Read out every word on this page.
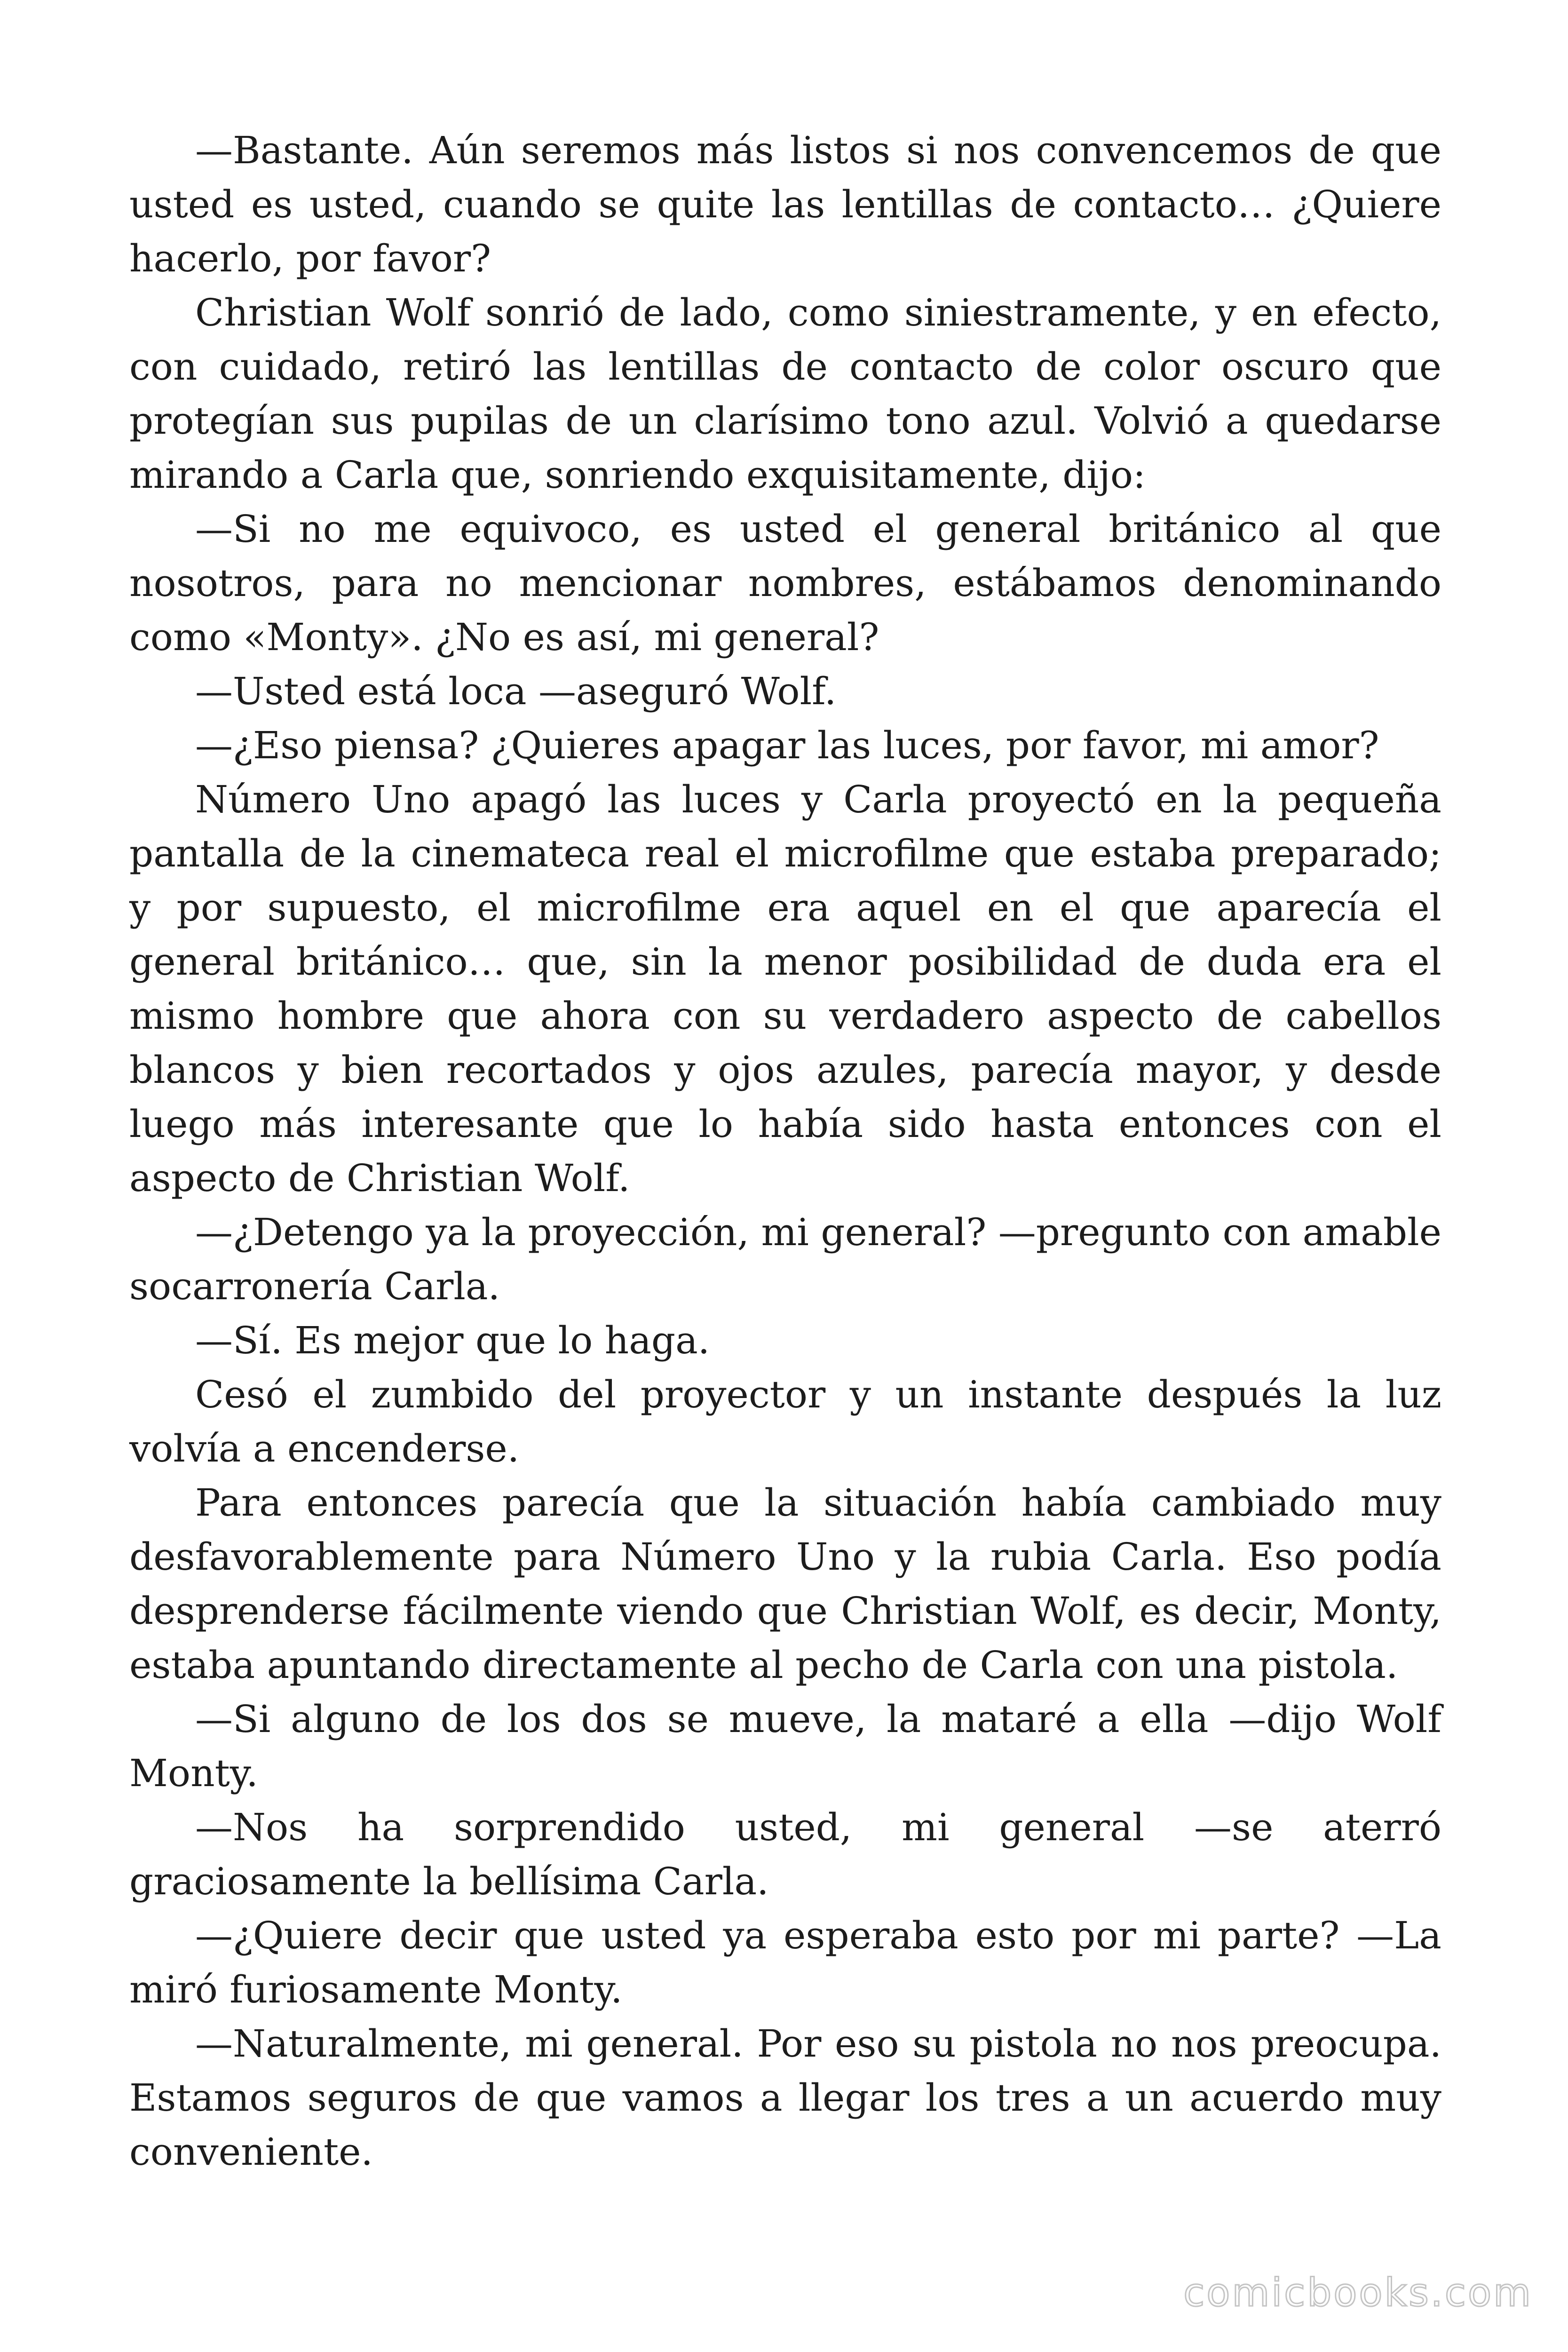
—Bastante. Aún seremos más listos si nos convencemos de que usted es usted, cuando se quite las lentillas de contacto… ¿Quiere hacerlo, por favor?

Christian Wolf sonrió de lado, como siniestramente, y en efecto, con cuidado, retiró las lentillas de contacto de color oscuro que protegían sus pupilas de un clarísimo tono azul. Volvió a quedarse mirando a Carla que, sonriendo exquisitamente, dijo:

—Si no me equivoco, es usted el general británico al que nosotros, para no mencionar nombres, estábamos denominando como «Monty». ¿No es así, mi general?

—Usted está loca —aseguró Wolf.

—¿Eso piensa? ¿Quieres apagar las luces, por favor, mi amor?

Número Uno apagó las luces y Carla proyectó en la pequeña pantalla de la cinemateca real el microfilme que estaba preparado; y por supuesto, el microfilme era aquel en el que aparecía el general británico… que, sin la menor posibilidad de duda era el mismo hombre que ahora con su verdadero aspecto de cabellos blancos y bien recortados y ojos azules, parecía mayor, y desde luego más interesante que lo había sido hasta entonces con el aspecto de Christian Wolf.

—¿Detengo ya la proyección, mi general? —pregunto con amable socarronería Carla.

—Sí. Es mejor que lo haga.

Cesó el zumbido del proyector y un instante después la luz volvía a encenderse.

Para entonces parecía que la situación había cambiado muy desfavorablemente para Número Uno y la rubia Carla. Eso podía desprenderse fácilmente viendo que Christian Wolf, es decir, Monty, estaba apuntando directamente al pecho de Carla con una pistola.

—Si alguno de los dos se mueve, la mataré a ella —dijo Wolf Monty.

—Nos ha sorprendido usted, mi general —se aterró graciosamente la bellísima Carla.

—¿Quiere decir que usted ya esperaba esto por mi parte? —La miró furiosamente Monty.

—Naturalmente, mi general. Por eso su pistola no nos preocupa. Estamos seguros de que vamos a llegar los tres a un acuerdo muy conveniente.

comicbooks.com
